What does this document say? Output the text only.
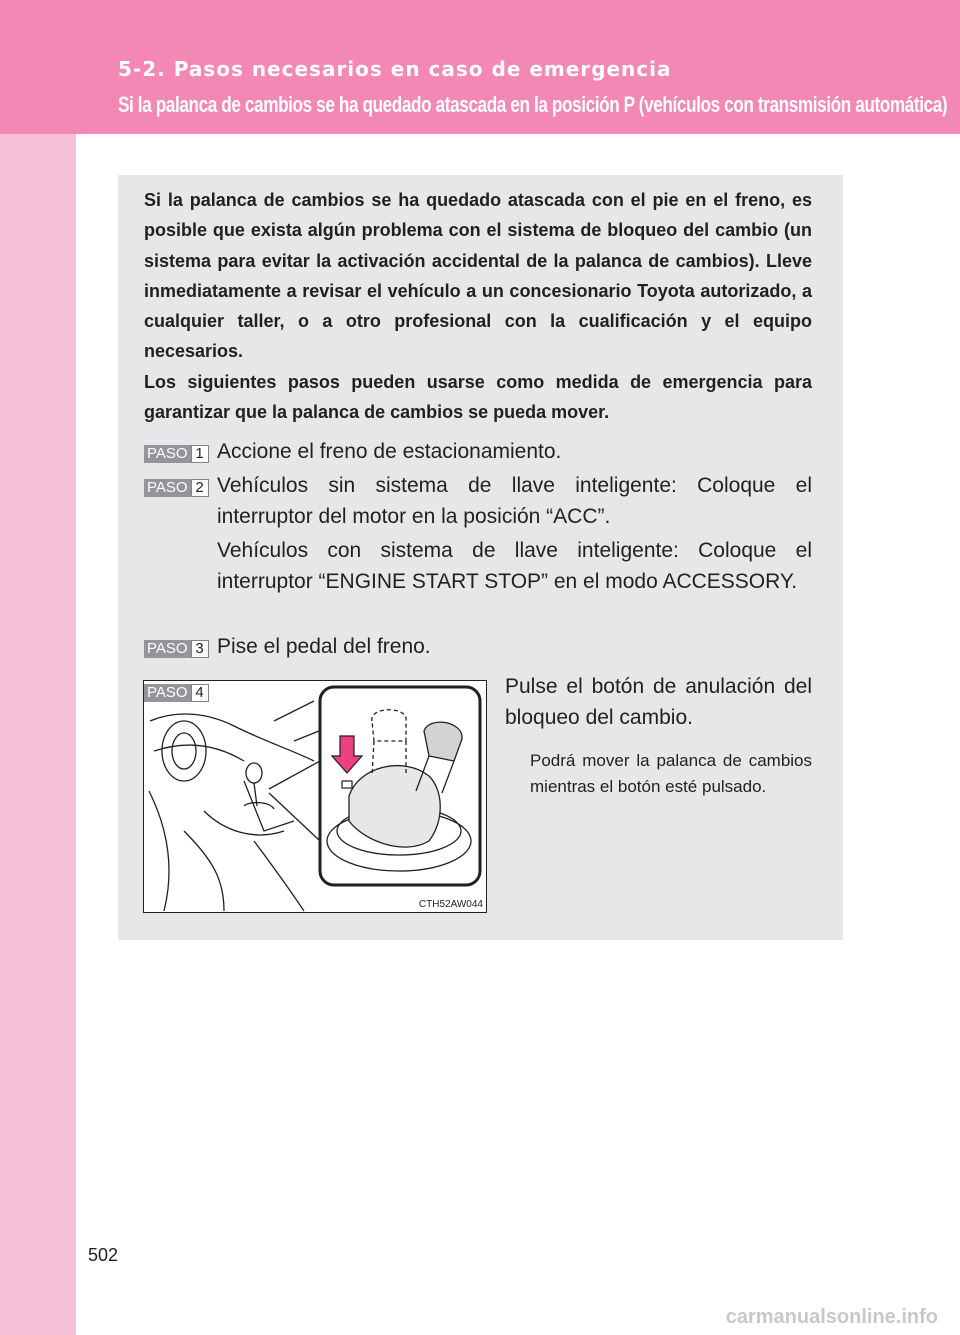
5-2. Pasos necesarios en caso de emergencia
Si la palanca de cambios se ha quedado atascada en la posición P (vehículos con transmisión automática)

Si la palanca de cambios se ha quedado atascada con el pie en el freno, es posible que exista algún problema con el sistema de bloqueo del cambio (un sistema para evitar la activación accidental de la palanca de cambios). Lleve inmediatamente a revisar el vehículo a un concesionario Toyota autorizado, a cualquier taller, o a otro profesional con la cualificación y el equipo necesarios.

Los siguientes pasos pueden usarse como medida de emergencia para garantizar que la palanca de cambios se pueda mover.

PASO 1 Accione el freno de estacionamiento.
PASO 2 Vehículos sin sistema de llave inteligente: Coloque el interruptor del motor en la posición “ACC”.
Vehículos con sistema de llave inteligente: Coloque el interruptor “ENGINE START STOP” en el modo ACCESSORY.
PASO 3 Pise el pedal del freno.
CTH52AW044
PASO 4	Pulse el botón de anulación del bloqueo del cambio.
Podrá mover la palanca de cambios mientras el botón esté pulsado.
502
carmanualsonline.info
